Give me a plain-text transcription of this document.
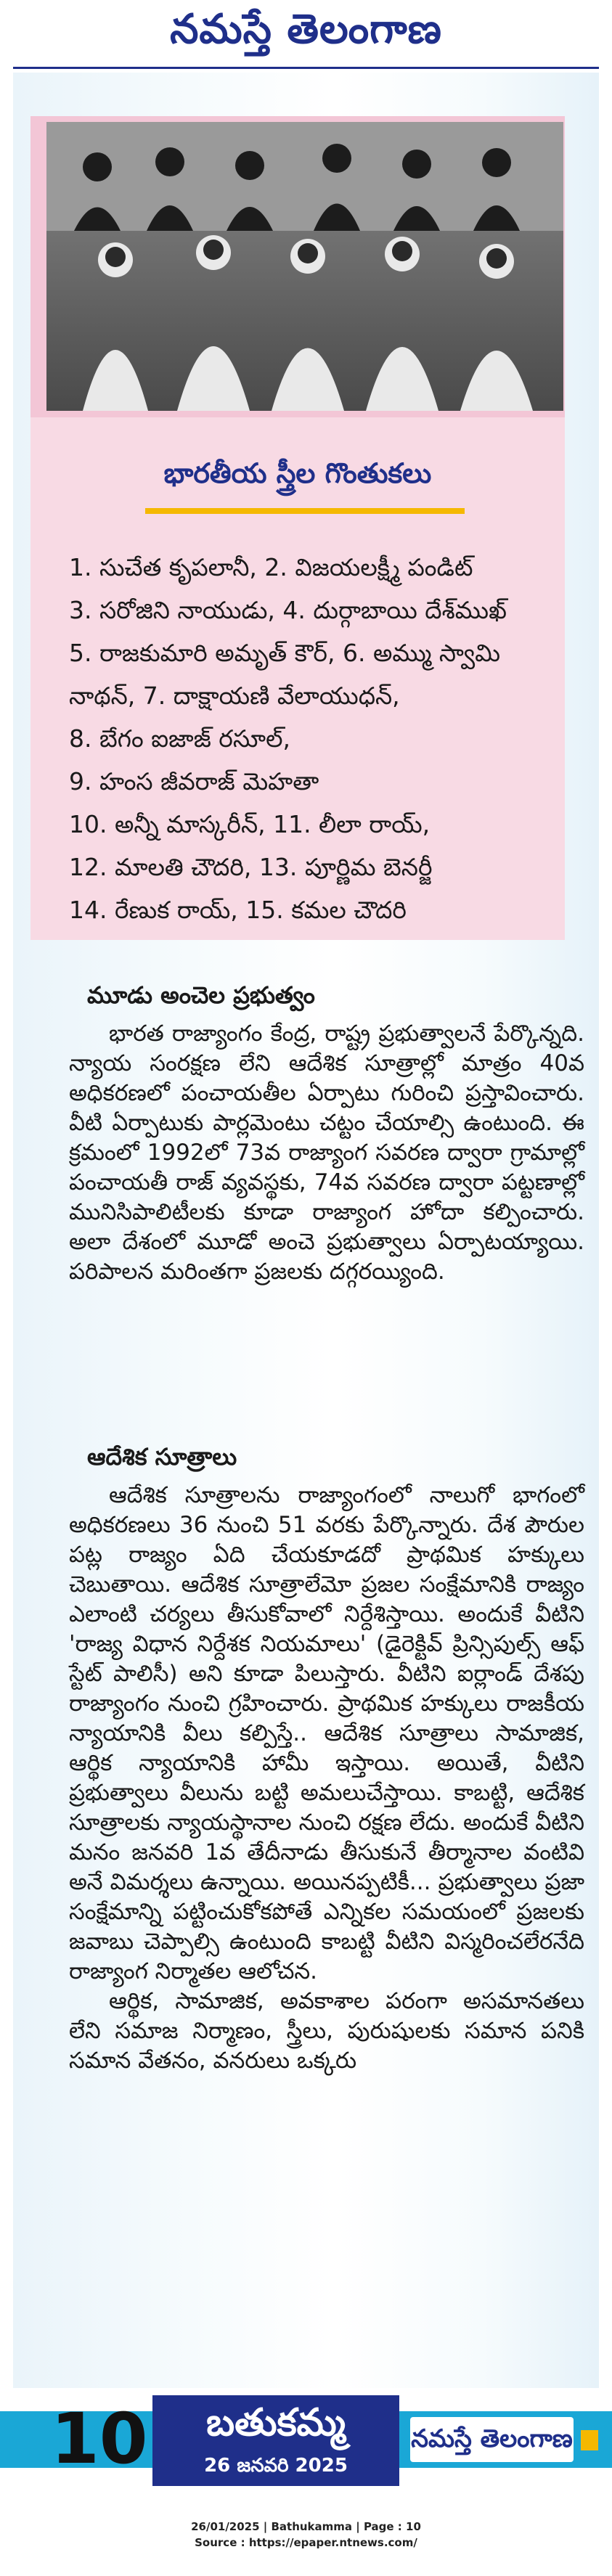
నమస్తే తెలంగాణ
భారతీయ స్త్రీల గొంతుకలు
1. సుచేత కృపలానీ, 2. విజయలక్ష్మీ పండిట్
3. సరోజిని నాయుడు, 4. దుర్గాబాయి దేశ్‌ముఖ్
5. రాజకుమారి అమృత్ కౌర్, 6. అమ్ము స్వామి
నాథన్, 7. దాక్షాయణి వేలాయుధన్,
8. బేగం ఐజాజ్ రసూల్,
9. హంస జీవరాజ్ మెహతా
10. అన్నీ మాస్కరీన్, 11. లీలా రాయ్,
12. మాలతి చౌదరి, 13. పూర్ణిమ బెనర్జీ
14. రేణుక రాయ్, 15. కమల చౌదరి
మూడు అంచెల ప్రభుత్వం

భారత రాజ్యాంగం కేంద్ర, రాష్ట్ర ప్రభుత్వాలనే పేర్కొన్నది. న్యాయ సంరక్షణ లేని ఆదేశిక సూత్రాల్లో మాత్రం 40వ అధికరణలో పంచాయతీల ఏర్పాటు గురించి ప్రస్తావించారు. వీటి ఏర్పాటుకు పార్లమెంటు చట్టం చేయాల్సి ఉంటుంది. ఈ క్రమంలో 1992లో 73వ రాజ్యాంగ సవరణ ద్వారా గ్రామాల్లో పంచాయతీ రాజ్ వ్యవస్థకు, 74వ సవరణ ద్వారా పట్టణాల్లో మునిసిపాలిటీలకు కూడా రాజ్యాంగ హోదా కల్పించారు. అలా దేశంలో మూడో అంచె ప్రభుత్వాలు ఏర్పాటయ్యాయి. పరిపాలన మరింతగా ప్రజలకు దగ్గరయ్యింది.

ఆదేశిక సూత్రాలు

ఆదేశిక సూత్రాలను రాజ్యాంగంలో నాలుగో భాగంలో అధికరణలు 36 నుంచి 51 వరకు పేర్కొన్నారు. దేశ పౌరుల పట్ల రాజ్యం ఏది చేయకూడదో ప్రాథమిక హక్కులు చెబుతాయి. ఆదేశిక సూత్రాలేమో ప్రజల సంక్షేమానికి రాజ్యం ఎలాంటి చర్యలు తీసుకోవాలో నిర్దేశిస్తాయి. అందుకే వీటిని 'రాజ్య విధాన నిర్దేశక నియమాలు' (డైరెక్టివ్ ప్రిన్సిపుల్స్ ఆఫ్ స్టేట్ పాలిసీ) అని కూడా పిలుస్తారు. వీటిని ఐర్లాండ్ దేశపు రాజ్యాంగం నుంచి గ్రహించారు. ప్రాథమిక హక్కులు రాజకీయ న్యాయానికి వీలు కల్పిస్తే.. ఆదేశిక సూత్రాలు సామాజిక, ఆర్థిక న్యాయానికి హామీ ఇస్తాయి. అయితే, వీటిని ప్రభుత్వాలు వీలును బట్టి అమలుచేస్తాయి. కాబట్టి, ఆదేశిక సూత్రాలకు న్యాయస్థానాల నుంచి రక్షణ లేదు. అందుకే వీటిని మనం జనవరి 1వ తేదీనాడు తీసుకునే తీర్మానాల వంటివి అనే విమర్శలు ఉన్నాయి. అయినప్పటికీ... ప్రభుత్వాలు ప్రజా సంక్షేమాన్ని పట్టించుకోకపోతే ఎన్నికల సమయంలో ప్రజలకు జవాబు చెప్పాల్సి ఉంటుంది కాబట్టి వీటిని విస్మరించలేరనేది రాజ్యాంగ నిర్మాతల ఆలోచన.

ఆర్థిక, సామాజిక, అవకాశాల పరంగా అసమానతలు లేని సమాజ నిర్మాణం, స్త్రీలు, పురుషులకు సమాన పనికి సమాన వేతనం, వనరులు ఒక్కరు

10	బతుకమ్మ
26 జనవరి 2025
నమస్తే తెలంగాణ
26/01/2025 | Bathukamma | Page : 10
Source : https://epaper.ntnews.com/
